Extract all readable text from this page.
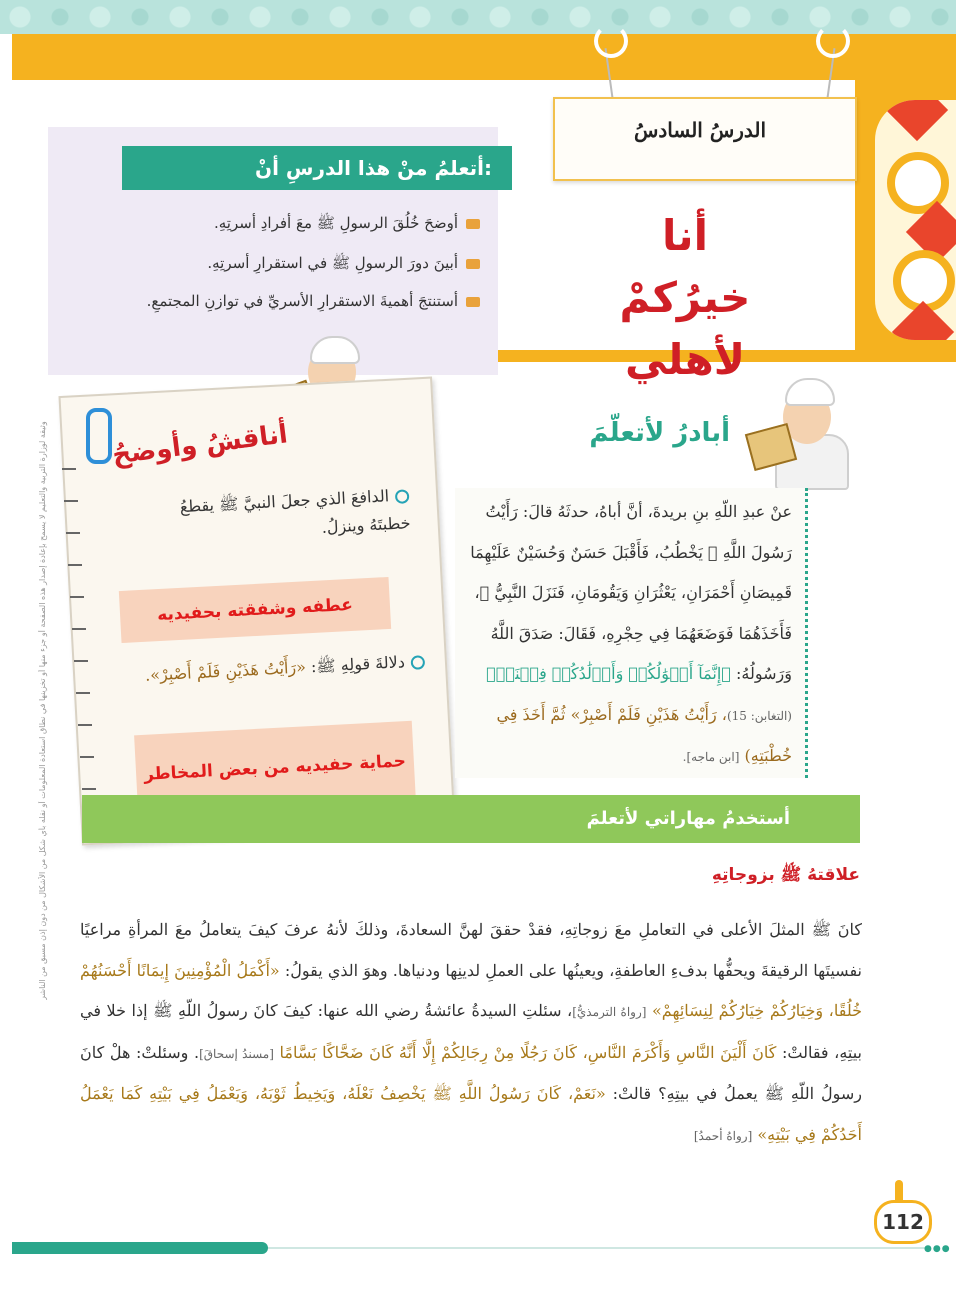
الدرسُ السادسُ
أنا خيرُكمْ
لأهلي
أتعلمُ منْ هذا الدرسِ أنْ:
أوضحَ خُلُقَ الرسولِ ﷺ معَ أفرادِ أسرتِهِ.
أبينَ دورَ الرسولِ ﷺ في استقرارِ أسرتِهِ.
أستنتجَ أهميةَ الاستقرارِ الأسريِّ في توازنِ المجتمعِ.
أناقشُ وأوضحُ
الدافعَ الذي جعلَ النبيَّ ﷺ يقطعُ خطبتَهُ وينزلُ.
عطفه وشفقته بحفيديه
دلالةَ قولِهِ ﷺ: «رَأَيْتُ هَذَيْنِ فَلَمْ أَصْبِرْ».
حماية حفيديه من بعض المخاطر
أبادرُ لأتعلّمَ
عنْ عبدِ اللّهِ بنِ بريدةَ، أنَّ أباهُ، حدثَهُ قالَ: رَأَيْتُ رَسُولَ اللَّهِ ﷺ يَخْطُبُ، فَأَقْبَلَ حَسَنٌ وَحُسَيْنٌ عَلَيْهِمَا قَمِيصَانِ أَحْمَرَانِ، يَعْثُرَانِ وَيَقُومَانِ، فَنَزَلَ النَّبِيُّ ﷺ، فَأَخَذَهُمَا فَوَضَعَهُمَا فِي حِجْرِهِ، فَقَالَ: صَدَقَ اللَّهُ وَرَسُولُهُ: ﴿إِنَّمَآ أَمۡوَٰلُكُمۡ وَأَوۡلَٰدُكُمۡ فِتۡنَةٞ﴾ (التغابن: 15)، رَأَيْتُ هَذَيْنِ فَلَمْ أَصْبِرْ» ثُمَّ أَخَذَ فِي خُطْبَتِهِ) [ابن ماجه].
أستخدمُ مهاراتي لأتعلمَ
علاقتهُ ﷺ بزوجاتِهِ
كانَ ﷺ المثلَ الأعلى في التعاملِ معَ زوجاتِهِ، فقدْ حققَ لهنَّ السعادةَ، وذلكَ لأنهُ عرفَ كيفَ يتعاملُ معَ المرأةِ مراعيًا نفسيتَها الرقيقةَ ويحفُّها بدفءِ العاطفةِ، ويعينُها على العملِ لدينِها ودنياها. وهوَ الذي يقولُ: «أَكْمَلُ الْمُؤْمِنِينَ إِيمَانًا أَحْسَنُهُمْ خُلُقًا، وَخِيَارُكُمْ خِيَارُكُمْ لِنِسَائِهِمْ» [رواهُ الترمذيُّ]، سئلتِ السيدةُ عائشةُ رضي الله عنها: كيفَ كانَ رسولُ اللّهِ ﷺ إذا خلا في بيتِهِ، فقالتْ: كَانَ أَلْيَنَ النَّاسِ وَأَكْرَمَ النَّاسِ، كَانَ رَجُلًا مِنْ رِجَالِكُمْ إِلَّا أَنَّهُ كَانَ ضَحَّاكًا بَسَّامًا [مسندُ إسحاقَ]. وسئلتْ: هلْ كانَ رسولُ اللّهِ ﷺ يعملُ في بيتِهِ؟ قالتْ: «نَعَمْ، كَانَ رَسُولُ اللَّهِ ﷺ يَخْصِفُ نَعْلَهُ، وَيَخِيطُ ثَوْبَهُ، وَيَعْمَلُ فِي بَيْتِهِ كَمَا يَعْمَلُ أَحَدُكُمْ فِي بَيْتِهِ» [رواهُ أحمدُ]
وثيقة لوزارة التربية والتعليم لا يسمح بإعادة إصدار هذه الصفحة أو جزء منها أو تخزينها في نطاق استعادة المعلومات أو نقله بأي شكل من الأشكال من دون إذن مسبق من الناشر
112
●●●
